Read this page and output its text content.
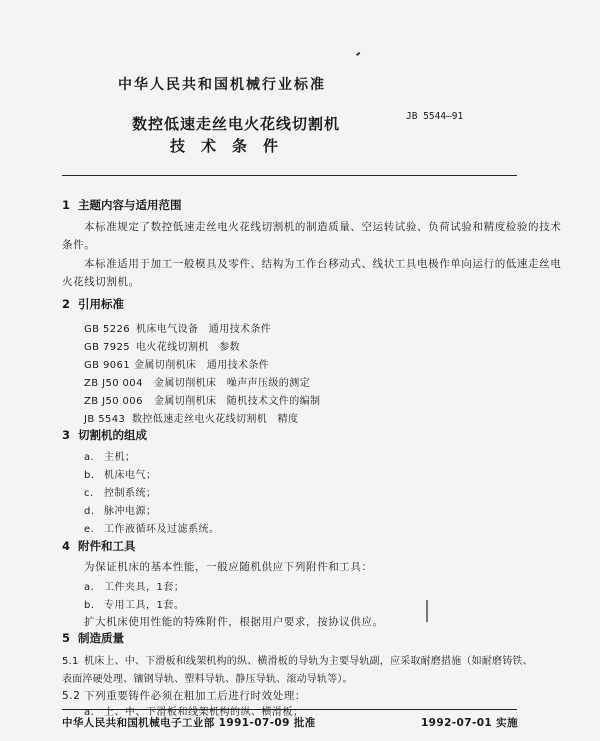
中华人民共和国机械行业标准
数控低速走丝电火花线切割机
技术条件
JB 5544—91
1 主题内容与适用范围
本标准规定了数控低速走丝电火花线切割机的制造质量、空运转试验、负荷试验和精度检验的技术
条件。
本标准适用于加工一般模具及零件、结构为工作台移动式、线状工具电极作单向运行的低速走丝电
火花线切割机。
2 引用标准
GB 5226 机床电气设备　通用技术条件
GB 7925 电火花线切割机　参数
GB 9061 金属切削机床　通用技术条件
ZB J50 004 金属切削机床　噪声声压级的测定
ZB J50 006 金属切削机床　随机技术文件的编制
JB 5543 数控低速走丝电火花线切割机　精度
3 切割机的组成
a. 主机；
b. 机床电气；
c. 控制系统；
d. 脉冲电源；
e. 工作液循环及过滤系统。
4 附件和工具
为保证机床的基本性能，一般应随机供应下列附件和工具：
a. 工件夹具，1套；
b. 专用工具，1套。
扩大机床使用性能的特殊附件，根据用户要求，按协议供应。
5 制造质量
5.1 机床上、中、下滑板和线架机构的纵、横滑板的导轨为主要导轨副，应采取耐磨措施（如耐磨铸铁、
表面淬硬处理、镶钢导轨、塑料导轨、静压导轨、滚动导轨等）。
5.2 下列重要铸件必须在粗加工后进行时效处理：
a. 上、中、下滑板和线架机构的纵、横滑板；
中华人民共和国机械电子工业部 1991-07-09 批准	1992-07-01 实施
